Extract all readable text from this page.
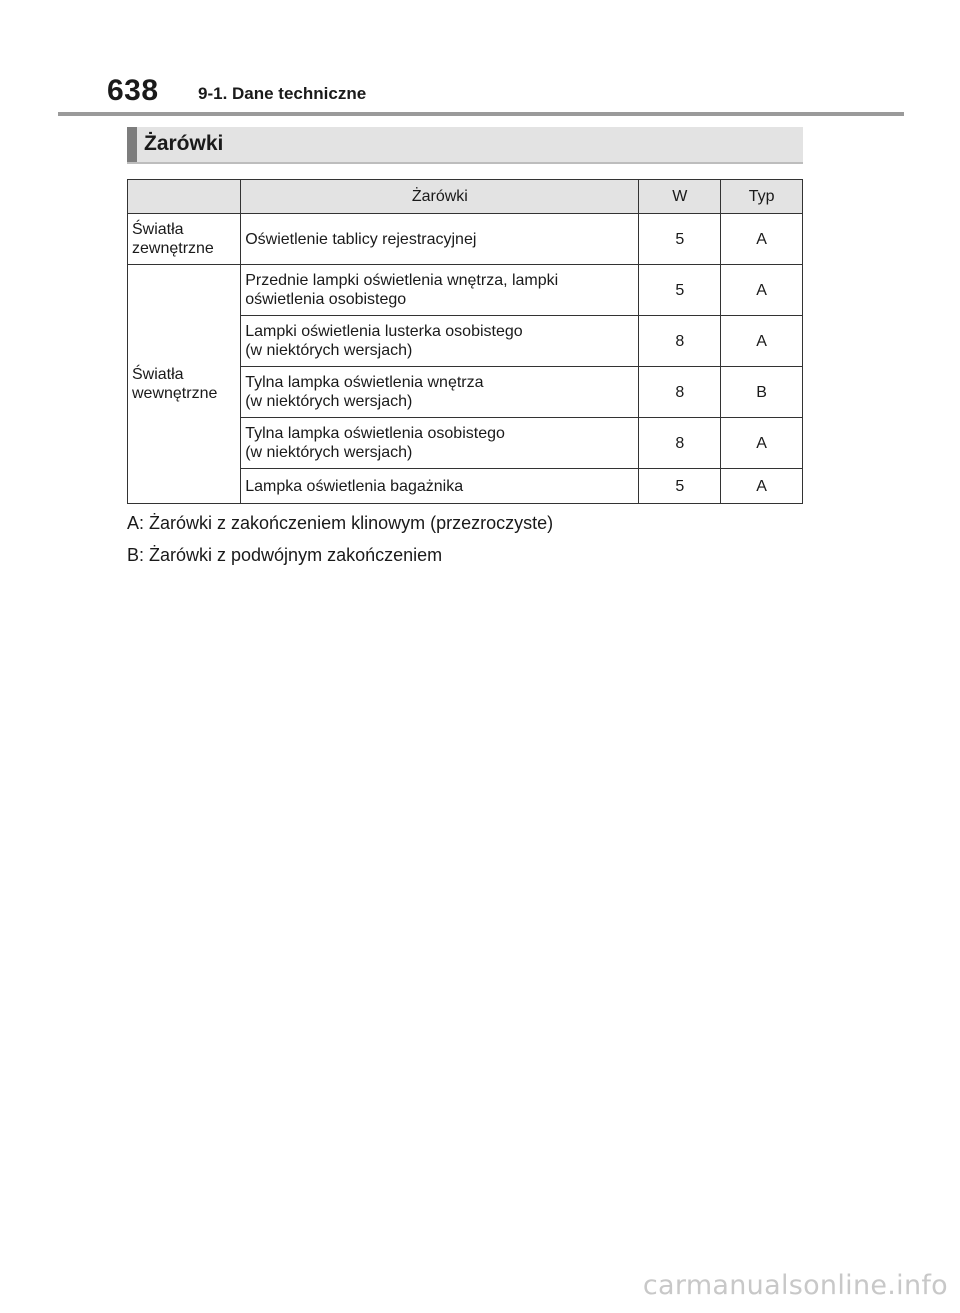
638 9-1. Dane techniczne
Żarówki
	Żarówki	W	Typ
Światła
zewnętrzne	Oświetlenie tablicy rejestracyjnej	5	A
Światła
wewnętrzne	Przednie lampki oświetlenia wnętrza, lampki
oświetlenia osobistego	5	A
	Lampki oświetlenia lusterka osobistego
(w niektórych wersjach)	8	A
	Tylna lampka oświetlenia wnętrza
(w niektórych wersjach)	8	B
	Tylna lampka oświetlenia osobistego
(w niektórych wersjach)	8	A
	Lampka oświetlenia bagażnika	5	A

A: Żarówki z zakończeniem klinowym (przezroczyste)

B: Żarówki z podwójnym zakończeniem

carmanualsonline.info
